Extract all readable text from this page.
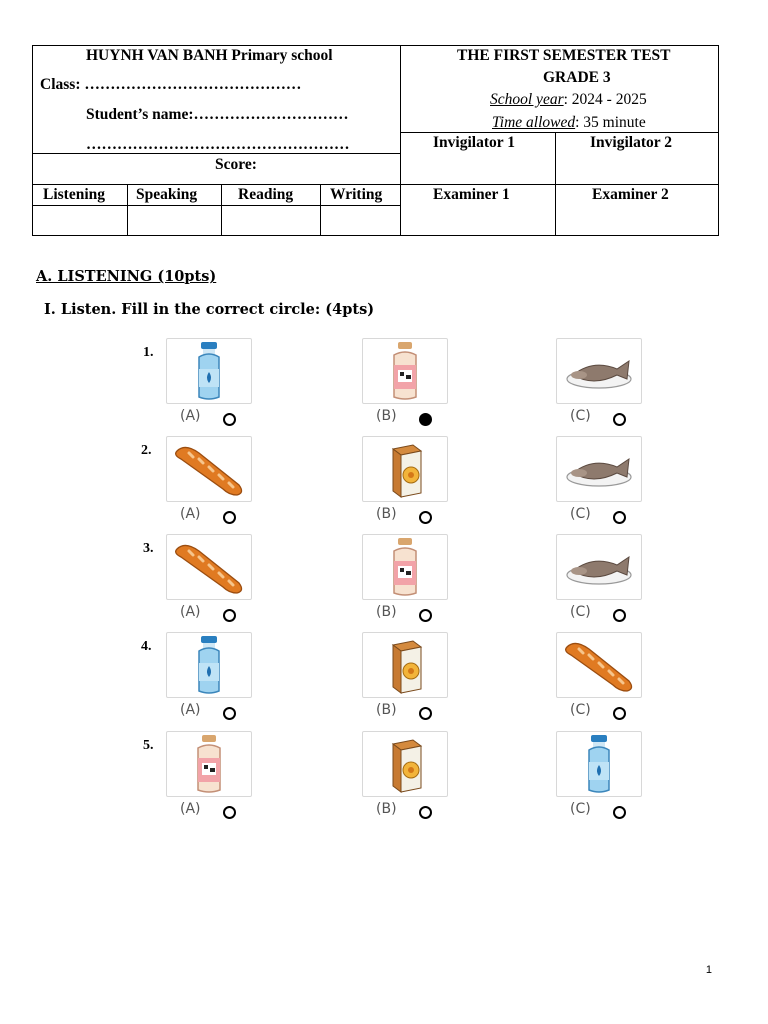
HUYNH VAN BANH Primary school
Class: ……………………………………
Student’s name:…………………………
……………………………………………
Score:
THE FIRST SEMESTER TEST
GRADE 3
School year: 2024 - 2025
Time allowed: 35 minute
Invigilator 1	Invigilator 2
Examiner 1	Examiner 2
Listening Speaking	Reading Writing
A. LISTENING (10pts)
I. Listen. Fill in the correct circle: (4pts)
1.
(A)	(B)	(C)
2.
(A)	(B)	(C)
3.
(A)	(B)	(C)
4.
(A)	(B)	(C)
5.
(A)	(B)	(C)
1
